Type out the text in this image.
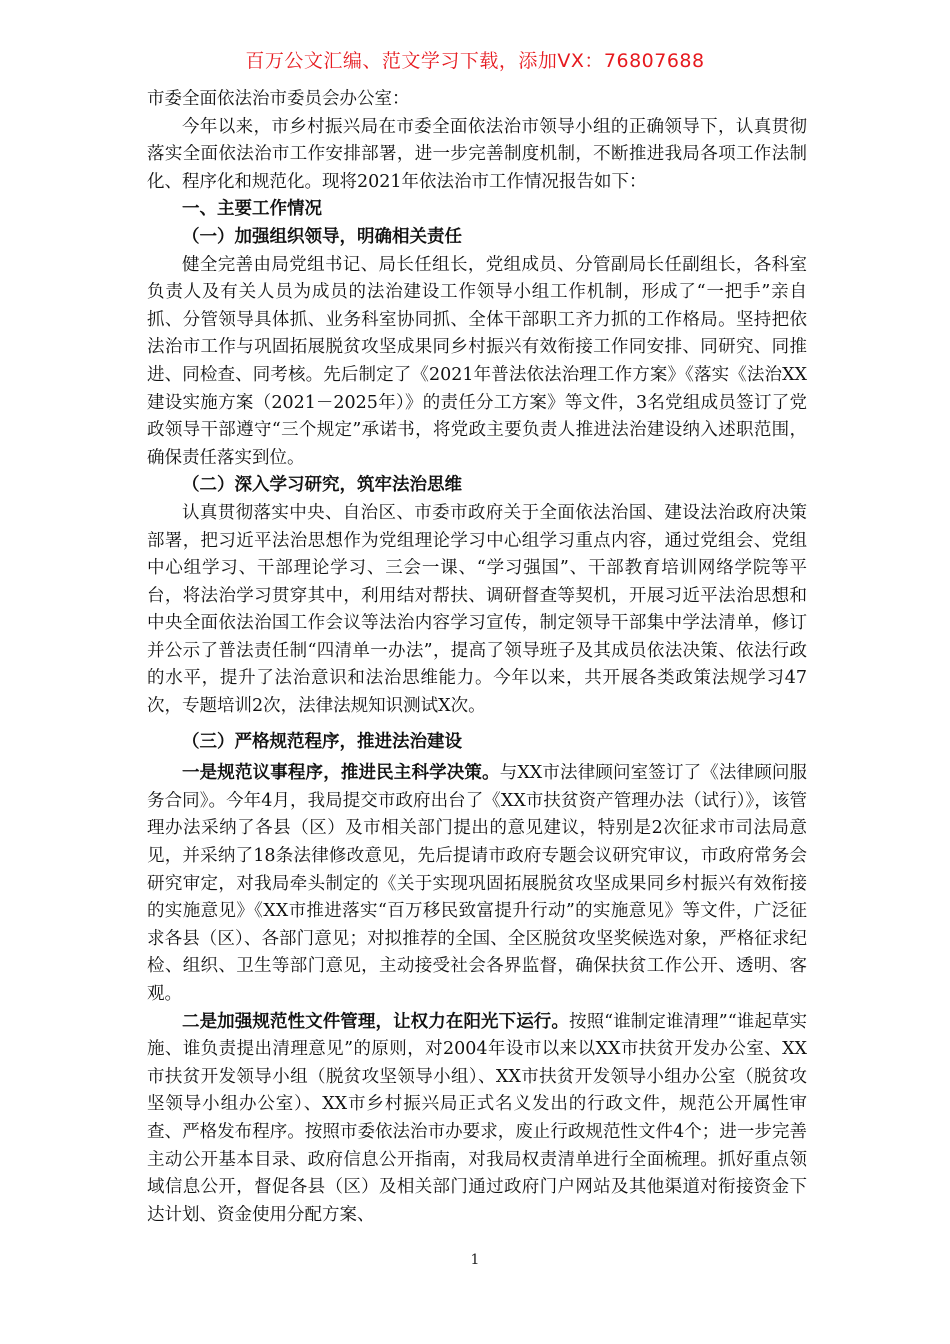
百万公文汇编、范文学习下载，添加VX：76807688

市委全面依法治市委员会办公室：

今年以来，市乡村振兴局在市委全面依法治市领导小组的正确领导下，认真贯彻落实全面依法治市工作安排部署，进一步完善制度机制，不断推进我局各项工作法制化、程序化和规范化。现将2021年依法治市工作情况报告如下：

一、主要工作情况

（一）加强组织领导，明确相关责任

健全完善由局党组书记、局长任组长，党组成员、分管副局长任副组长，各科室负责人及有关人员为成员的法治建设工作领导小组工作机制，形成了“一把手”亲自抓、分管领导具体抓、业务科室协同抓、全体干部职工齐力抓的工作格局。坚持把依法治市工作与巩固拓展脱贫攻坚成果同乡村振兴有效衔接工作同安排、同研究、同推进、同检查、同考核。先后制定了《2021年普法依法治理工作方案》《落实《法治XX建设实施方案（2021－2025年）》的责任分工方案》等文件，3名党组成员签订了党政领导干部遵守“三个规定”承诺书，将党政主要负责人推进法治建设纳入述职范围，确保责任落实到位。

（二）深入学习研究，筑牢法治思维

认真贯彻落实中央、自治区、市委市政府关于全面依法治国、建设法治政府决策部署，把习近平法治思想作为党组理论学习中心组学习重点内容，通过党组会、党组中心组学习、干部理论学习、三会一课、“学习强国”、干部教育培训网络学院等平台，将法治学习贯穿其中，利用结对帮扶、调研督查等契机，开展习近平法治思想和中央全面依法治国工作会议等法治内容学习宣传，制定领导干部集中学法清单，修订并公示了普法责任制“四清单一办法”，提高了领导班子及其成员依法决策、依法行政的水平，提升了法治意识和法治思维能力。今年以来，共开展各类政策法规学习47次，专题培训2次，法律法规知识测试X次。

（三）严格规范程序，推进法治建设

一是规范议事程序，推进民主科学决策。与XX市法律顾问室签订了《法律顾问服务合同》。今年4月，我局提交市政府出台了《XX市扶贫资产管理办法（试行）》，该管理办法采纳了各县（区）及市相关部门提出的意见建议，特别是2次征求市司法局意见，并采纳了18条法律修改意见，先后提请市政府专题会议研究审议，市政府常务会研究审定，对我局牵头制定的《关于实现巩固拓展脱贫攻坚成果同乡村振兴有效衔接的实施意见》《XX市推进落实“百万移民致富提升行动”的实施意见》等文件，广泛征求各县（区）、各部门意见；对拟推荐的全国、全区脱贫攻坚奖候选对象，严格征求纪检、组织、卫生等部门意见，主动接受社会各界监督，确保扶贫工作公开、透明、客观。

二是加强规范性文件管理，让权力在阳光下运行。按照“谁制定谁清理”“谁起草实施、谁负责提出清理意见”的原则，对2004年设市以来以XX市扶贫开发办公室、XX市扶贫开发领导小组（脱贫攻坚领导小组）、XX市扶贫开发领导小组办公室（脱贫攻坚领导小组办公室）、XX市乡村振兴局正式名义发出的行政文件，规范公开属性审查、严格发布程序。按照市委依法治市办要求，废止行政规范性文件4个；进一步完善主动公开基本目录、政府信息公开指南，对我局权责清单进行全面梳理。抓好重点领域信息公开，督促各县（区）及相关部门通过政府门户网站及其他渠道对衔接资金下达计划、资金使用分配方案、

1
